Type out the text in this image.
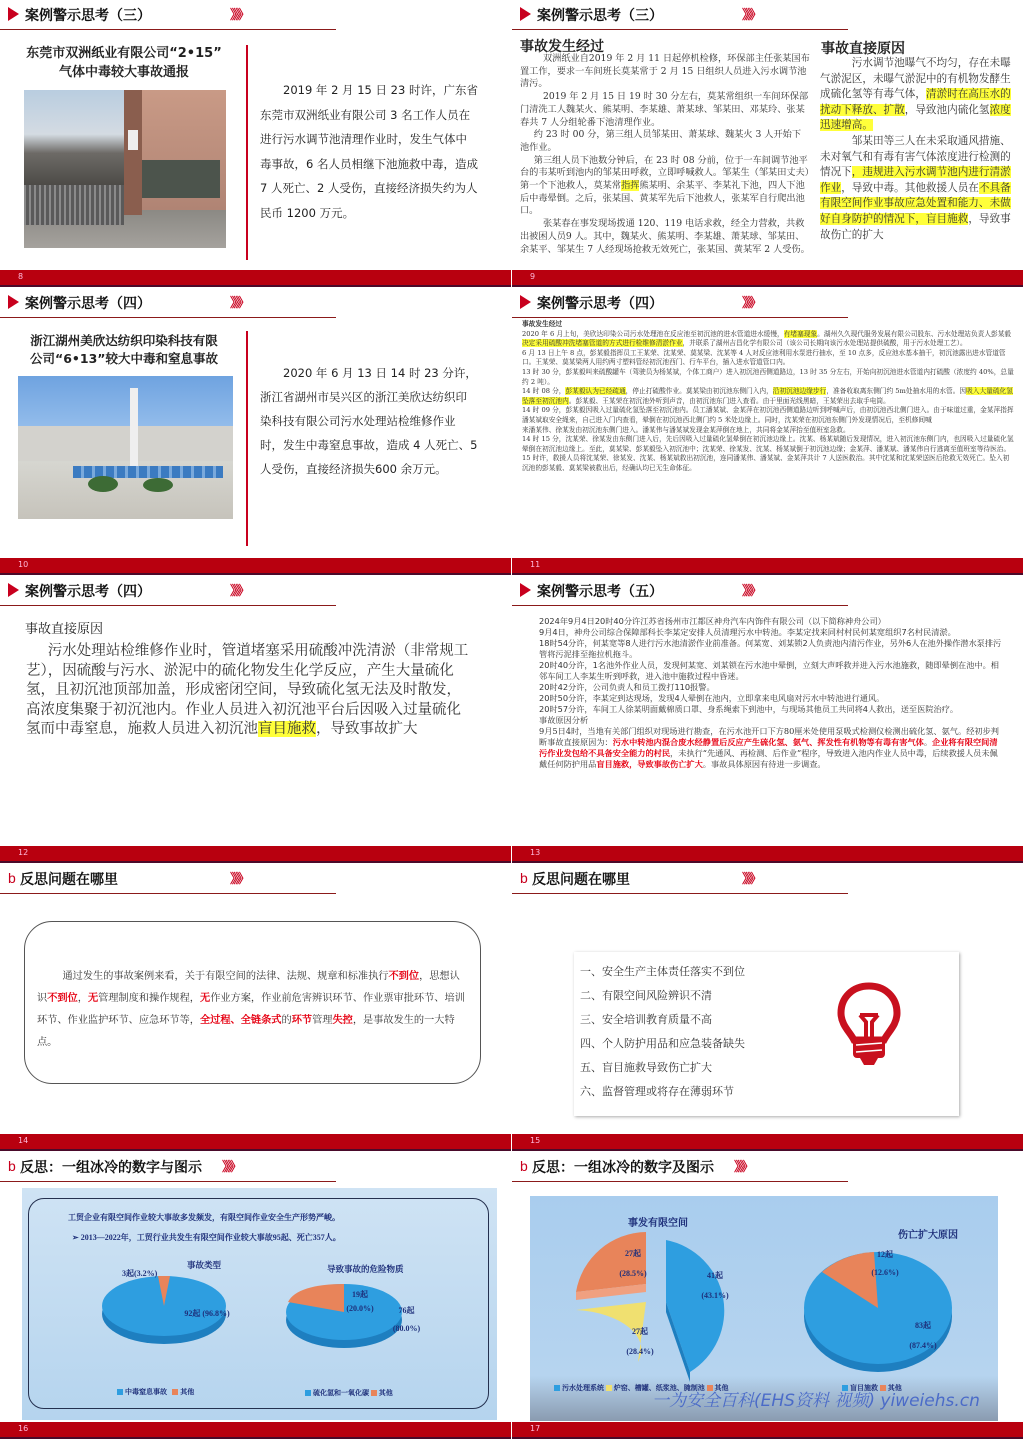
案例警示思考（三）	》》》
东莞市双洲纸业有限公司“2•15”
气体中毒较大事故通报
2019 年 2 月 15 日 23 时许，广东省东莞市双洲纸业有限公司 3 名工作人员在进行污水调节池清理作业时，发生气体中毒事故，6 名人员相继下池施救中毒，造成 7 人死亡、2 人受伤，直接经济损失约为人民币 1200 万元。
8
案例警示思考（三）	》》》
事故发生经过

双洲纸业自2019 年 2 月 11 日起停机检修，环保部主任张某国布置工作，要求一车间班长莫某常于 2 月 15 日组织人员进入污水调节池清污。

2019 年 2 月 15 日 19 时 30 分左右，莫某常组织一车间环保部门清洗工人魏某火、熊某明、李某雄、萧某球、邹某田、邓某玲、张某春共 7 人分组轮番下池清理作业。

约 23 时 00 分，第三组人员邹某田、萧某球、魏某火 3 人开始下池作业。

第三组人员下池数分钟后，在 23 时 08 分前，位于一车间调节池平台的韦某听到池内的邹某田呼救，立即呼喊救人。邹某生（邹某田丈夫）第一个下池救人，莫某常指挥熊某明、余某平、李某礼下池，四人下池后中毒晕倒。之后，张某国、黄某军先后下池救人，张某军自行爬出池口。

张某春在事发现场拨通 120、119 电话求救，经全力营救，共救出被困人员9 人。其中，魏某火、熊某明、李某雄、萧某球、邹某田、余某平、邹某生 7 人经现场抢救无效死亡，张某国、黄某军 2 人受伤。

事故直接原因

污水调节池曝气不均匀，存在未曝气淤泥区，未曝气淤泥中的有机物发酵生成硫化氢等有毒气体，清淤时在高压水的扰动下释放、扩散，导致池内硫化氢浓度迅速增高。

邹某田等三人在未采取通风措施、未对氧气和有毒有害气体浓度进行检测的情况下，违规进入污水调节池内进行清淤作业，导致中毒。其他救援人员在不具备有限空间作业事故应急处置和能力、未做好自身防护的情况下，盲目施救，导致事故伤亡的扩大

9
案例警示思考（四）	》》》
浙江湖州美欣达纺织印染科技有限
公司“6•13”较大中毒和窒息事故
2020 年 6 月 13 日 14 时 23 分许，浙江省湖州市吴兴区的浙江美欣达纺织印染科技有限公司污水处理站检维修作业时，发生中毒窒息事故，造成 4 人死亡、5 人受伤，直接经济损失600 余万元。
10
案例警示思考（四）	》》》

事故发生经过

2020 年 6 月上旬，美欣达印染公司污水处理池在反应池至初沉池的进水管道进水缓慢，有堵塞现象。湖州久久现代服务发展有限公司股东、污水处理站负责人彭某毅决定采用硫酸冲洗堵塞管道的方式进行检维修清淤作业，并联系了湖州吉昌化学有限公司（该公司长期向该污水处理站提供硫酸，用于污水处理工艺）。

6 月 13 日上午 8 点，彭某毅指挥员工王某荣、沈某荣、莫某梁、沈某等 4 人对反应池利用水泵进行抽水，至 10 点多，反应池水基本抽干，初沉池露出进水管道管口。王某荣、莫某梁两人用约两寸塑料管经初沉池西门、行车平台，插入进水管道管口内。

13 时 30 分，彭某毅叫来硫酸罐车（驾驶员为杨某斌，个体工商户）进入初沉池西侧道路边，13 时 35 分左右，开始向初沉池进水管道内打硫酸（浓度约 40%，总量约 2 吨）。

14 时 08 分，彭某毅认为已经疏通，停止打硫酸作业。莫某梁由初沉池东侧门入内，沿初沉池边缘步行，准备收取离东侧门约 5m处抽水用的水管。因吸入大量硫化氢坠落至初沉池内。彭某毅、王某荣在初沉池外听到声音，由初沉池东门进入查看。由于里面光线黑暗，王某荣出去取手电筒。

14 时 09 分，彭某毅因吸入过量硫化氢坠落至初沉池内。员工潘某斌、金某萍在初沉池西侧道路边听到呼喊声后，由初沉池西北侧门进入。由于味道过重，金某萍指挥潘某斌取安全绳来，自己进入门内查看，晕倒在初沉池西北侧门约 5 米处边缘上。同时，沈某荣在初沉池东侧门外发现情况后，至机修间喊

来潘某伟、徐某发由初沉池东侧门进入。潘某伟与潘某斌发现金某萍倒在地上，共同将金某萍抬至值班室急救。

14 时 15 分，沈某荣、徐某发由东侧门进入后，先后因吸入过量硫化氢晕倒在初沉池边缘上。沈某、杨某斌随后发现情况，进入初沉池东侧门内，也因吸入过量硫化氢晕倒在初沉池边缘上。至此，莫某梁、彭某毅坠入初沉池中；沈某荣、徐某发、沈某、杨某斌倒于初沉池边缘；金某萍、潘某斌、潘某伟自行逃离至值班室等待医治。

15 时许，救援人员将沈某荣、徐某发、沈某、杨某斌救出初沉池，连同潘某伟、潘某斌、金某萍共计 7 人送医救治。其中沈某和沈某荣送医后抢救无效死亡。坠入初沉池的彭某毅、莫某梁被救出后，经确认均已无生命体征。

11
案例警示思考（四）	》》》
事故直接原因
污水处理站检维修作业时，管道堵塞采用硫酸冲洗清淤（非常规工艺），因硫酸与污水、淤泥中的硫化物发生化学反应，产生大量硫化氢，且初沉池顶部加盖，形成密闭空间，导致硫化氢无法及时散发，高浓度集聚于初沉池内。作业人员进入初沉池平台后因吸入过量硫化氢而中毒窒息，施救人员进入初沉池盲目施救，导致事故扩大
12
案例警示思考（五）	》》》

2024年9月4日20时40分许江苏省扬州市江都区神舟汽车内饰件有限公司（以下简称神舟公司）

9月4日，神舟公司综合保障部科长李某定安排人员清理污水中转池。李某定找来同村村民何某宽组织7名村民清淤。

18时54分许，何某宽等8人进行污水池清淤作业前准备。何某宽、刘某锁2人负责池内清污作业，另外6人在池外操作潜水泵排污管将污泥排至拖拉机拖斗。

20时40分许，1名池外作业人员，发现何某宽、刘某锁在污水池中晕倒，立刻大声呼救并进入污水池施救，随即晕倒在池中。相邻车间工人李某生听到呼救，进入池中施救过程中昏迷。

20时42分许，公司负责人和员工拨打110报警。

20时50分许，李某定到达现场，发现4人晕倒在池内，立即拿来电风扇对污水中转池进行通风。

20时57分许，车间工人徐某明面戴棉质口罩、身系绳索下到池中，与现场其他员工共同将4人救出，送至医院治疗。

事故原因分析

9月5日4时，当地有关部门组织对现场进行勘查，在污水池开口下方80厘米处使用泵吸式检测仪检测出硫化氢、氨气。经初步判断事故直接原因为：污水中转池内混合废水经静置后反应产生硫化氢、氨气、挥发性有机物等有毒有害气体。企业将有限空间清污作业发包给不具备安全能力的村民，未执行“先通风、再检测、后作业”程序，导致进入池内作业人员中毒，后续救援人员未佩戴任何防护用品盲目施救，导致事故伤亡扩大。事故具体原因有待进一步调查。

13
b 反思问题在哪里	》》》
通过发生的事故案例来看，关于有限空间的法律、法规、规章和标准执行不到位，思想认识不到位，无管理制度和操作规程，无作业方案，作业前危害辨识环节、作业票审批环节、培训环节、作业监护环节、应急环节等，全过程、全链条式的环节管理失控，是事故发生的一大特点。
14
b 反思问题在哪里	》》》
一、安全生产主体责任落实不到位
二、有限空间风险辨识不清
三、安全培训教育质量不高
四、个人防护用品和应急装备缺失
五、盲目施救导致伤亡扩大
六、监督管理或将存在薄弱环节
15
b 反思：一组冰冷的数字与图示 》》》
工贸企业有限空间作业较大事故多发频发，有限空间作业安全生产形势严峻。
➢ 2013—2022年，工贸行业共发生有限空间作业较大事故95起、死亡357人。
事故类型
3起(3.2%)
92起 (96.8%)
中毒窒息事故 其他
导致事故的危险物质
19起 (20.0%)	76起 (80.0%)
硫化氢和一氧化碳 其他
16
b 反思：一组冰冷的数字及图示 》》》
事发有限空间
27起 (28.5%)	41起 (43.1%)
27起 (28.4%)
污水处理系统 炉窑、槽罐、纸浆池、腌制池 其他
伤亡扩大原因
12起 (12.6%)
83起 (87.4%)
盲目施救 其他
一为安全百科(EHS资料 视频) yiweiehs.cn
17
